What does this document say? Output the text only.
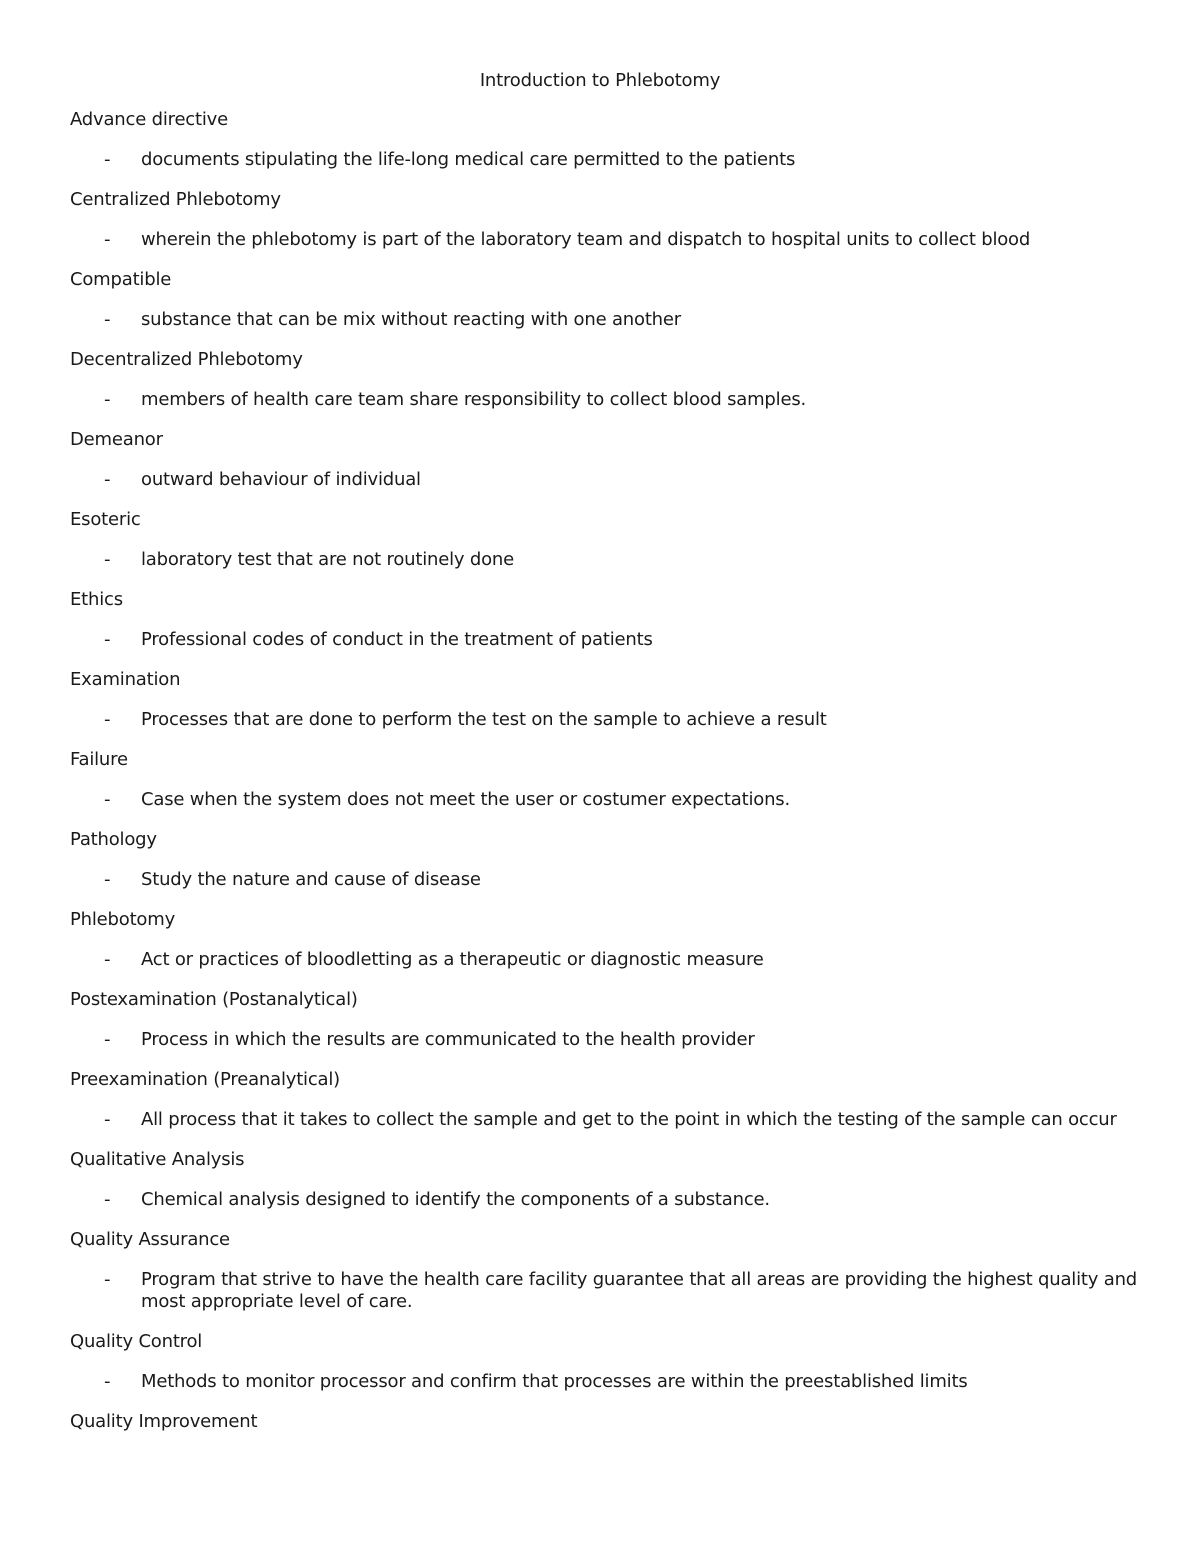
Introduction to Phlebotomy
Advance directive
- documents stipulating the life-long medical care permitted to the patients
Centralized Phlebotomy
- wherein the phlebotomy is part of the laboratory team and dispatch to hospital units to collect blood
Compatible
- substance that can be mix without reacting with one another
Decentralized Phlebotomy
- members of health care team share responsibility to collect blood samples.
Demeanor
- outward behaviour of individual
Esoteric
- laboratory test that are not routinely done
Ethics
- Professional codes of conduct in the treatment of patients
Examination
- Processes that are done to perform the test on the sample to achieve a result
Failure
- Case when the system does not meet the user or costumer expectations.
Pathology
- Study the nature and cause of disease
Phlebotomy
- Act or practices of bloodletting as a therapeutic or diagnostic measure
Postexamination (Postanalytical)
- Process in which the results are communicated to the health provider
Preexamination (Preanalytical)
- All process that it takes to collect the sample and get to the point in which the testing of the sample can occur
Qualitative Analysis
- Chemical analysis designed to identify the components of a substance.
Quality Assurance
- Program that strive to have the health care facility guarantee that all areas are providing the highest quality and most appropriate level of care.
Quality Control
- Methods to monitor processor and confirm that processes are within the preestablished limits
Quality Improvement
